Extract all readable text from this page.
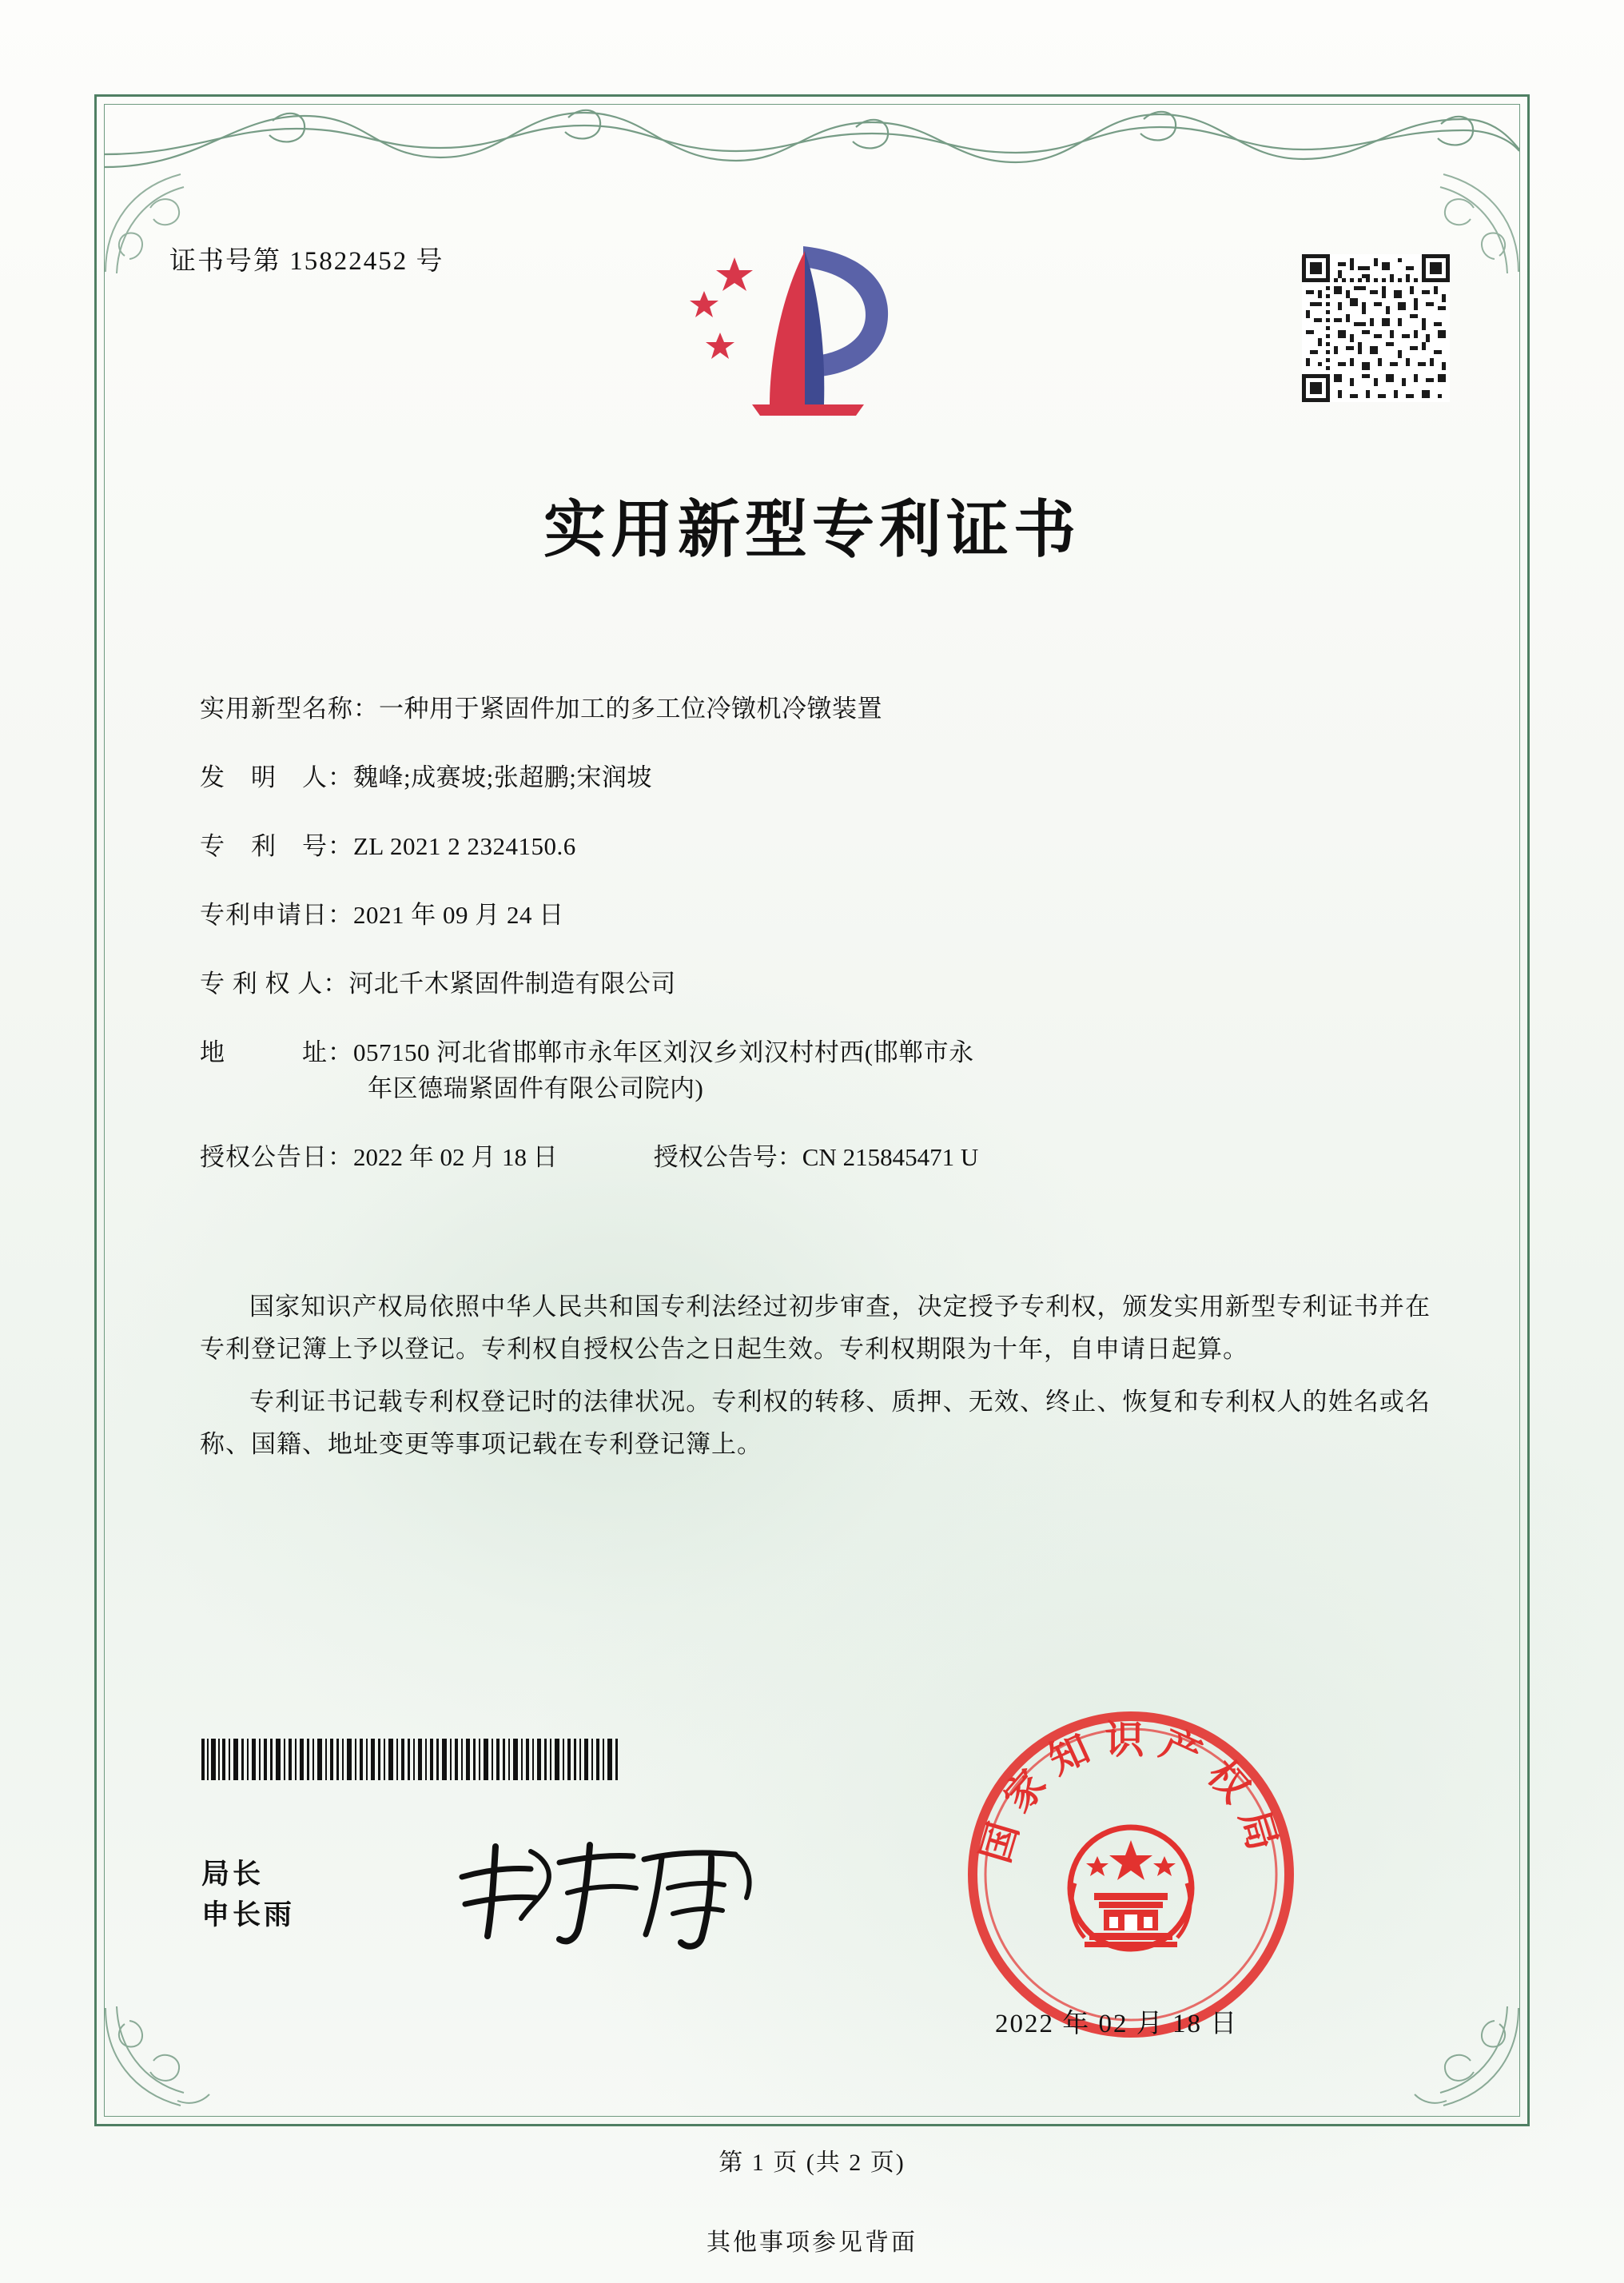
证书号第 15822452 号
实用新型专利证书
实用新型名称： 一种用于紧固件加工的多工位冷镦机冷镦装置
发　明　人： 魏峰;成赛坡;张超鹏;宋润坡
专　利　号： ZL 2021 2 2324150.6
专利申请日： 2021 年 09 月 24 日
专 利 权 人： 河北千木紧固件制造有限公司
地　　　址： 057150 河北省邯郸市永年区刘汉乡刘汉村村西(邯郸市永
年区德瑞紧固件有限公司院内)
授权公告日： 2022 年 02 月 18 日	授权公告号： CN 215845471 U

国家知识产权局依照中华人民共和国专利法经过初步审查，决定授予专利权，颁发实用新型专利证书并在专利登记簿上予以登记。专利权自授权公告之日起生效。专利权期限为十年，自申请日起算。

专利证书记载专利权登记时的法律状况。专利权的转移、质押、无效、终止、恢复和专利权人的姓名或名称、国籍、地址变更等事项记载在专利登记簿上。

局长
申长雨
国家知识产权局
2022 年 02 月 18 日
第 1 页 (共 2 页)
其他事项参见背面
